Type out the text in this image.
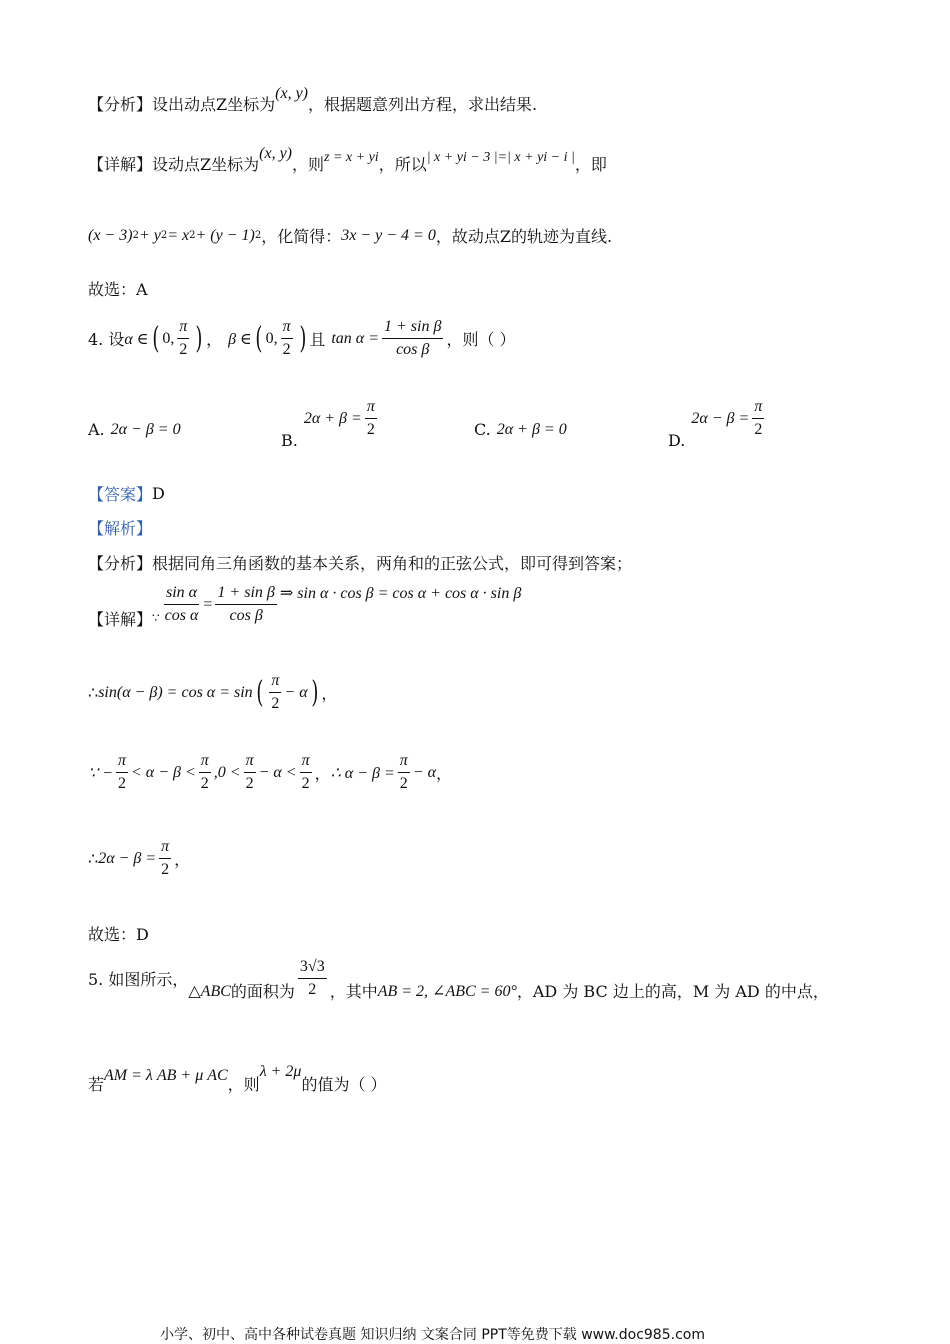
【分析】 设出动点Z坐标为
(x, y)
，根据题意列出方程，求出结果.
【详解】 设动点Z坐标为
(x, y)
，则 z = x + yi ，所以 | x + yi − 3 |=| x + yi − i | ，即
(x − 3) 2 + y 2 = x 2 + (y − 1) 2 ，化简得： 3x − y − 4 = 0 ，故动点Z的轨迹为直线.
故选：A
4. 设 α ∈ ( 0, $\frac{\pi}{2}$ ) ， β ∈ ( 0, $\frac{\pi}{2}$ ) 且 $\tan \alpha = \frac{\text{1 + sin β}}{\text{cos β}}$ ，则（ ）
A. 2α − β = 0
B.
$2\alpha + \beta = \frac{\pi}{2}$	C. 2α + β = 0
D.
$2\alpha - \beta = \frac{\pi}{2}$
【答案】 D
【解析】
【分析】 根据同角三角函数的基本关系，两角和的正弦公式，即可得到答案；
【详解】 ∵ $\frac{\text{sin α}}{\text{cos α}} = \frac{\text{1 + sin β}}{\text{cos β}}$ ⇒ sin α · cos β = cos α + cos α · sin β
∴ sin(α − β) = cos α = sin ( $\frac{\pi}{2} - \alpha$ ) ，
∵ − $\frac{\pi}{2} < \alpha - \beta < \frac{\pi}{2} ,0 < \frac{\pi}{2} - \alpha < \frac{\pi}{2}$ ， ∴ $\alpha - \beta = \frac{\pi}{2} - \alpha$ ，
∴ $2\alpha - \beta = \frac{\pi}{2}$ ，
故选：D
5. 如图所示，
△ABC 的面积为 $\frac{3√3}{2}$ ，其中 AB = 2, ∠ABC = 60° ，AD 为 BC 边上的高，M 为 AD 的中点，
若 AM = λ AB + μ AC ，则
λ + 2μ
的值为（ ）
小学、初中、高中各种试卷真题 知识归纳 文案合同 PPT等免费下载 www.doc985.com
